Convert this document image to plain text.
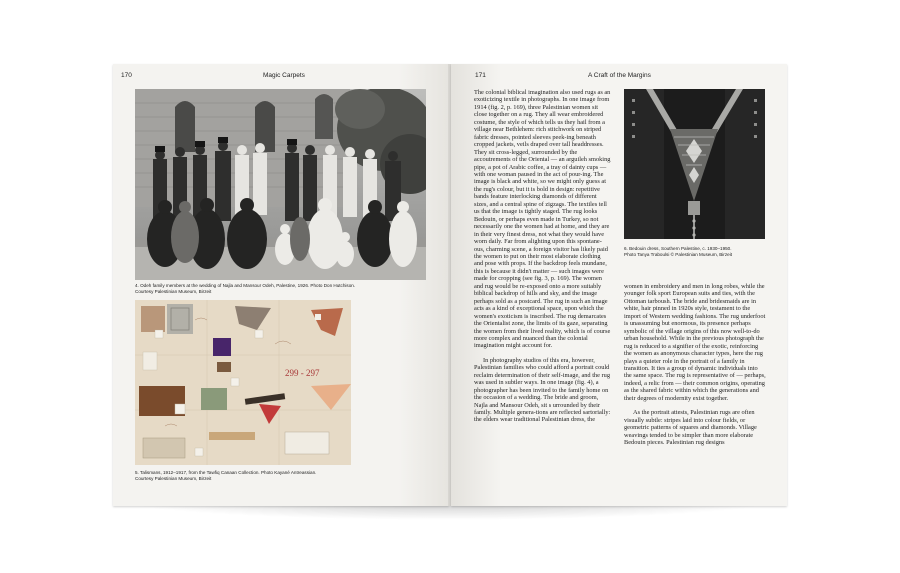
170	Magic Carpets
4. Odeh family members at the wedding of Najla and Mansour Odeh, Palestine, 1926. Photo Don Hutchison.
Courtesy Palestinian Museum, Birzeit
299 - 297
5. Talismans, 1912–1917, from the Tawfiq Canaan Collection. Photo Kayané Antreassian.
Courtesy Palestinian Museum, Birzeit
171	A Craft of the Margins

The colonial biblical imagination also used rugs as an exoticizing textile in photographs. In one image from 1914 (fig. 2, p. 169), three Palestinian women sit close together on a rug. They all wear embroidered costume, the style of which tells us they hail from a village near Bethlehem: rich stitchwork on striped fabric dresses, pointed sleeves peek-ing beneath cropped jackets, veils draped over tall headdresses. They sit cross-legged, surrounded by the accoutrements of the Oriental — an arguileh smoking pipe, a pot of Arabic coffee, a tray of dainty cups — with one woman paused in the act of pour-ing. The image is black and white, so we might only guess at the rug's colour, but it is bold in design: repetitive bands feature interlocking diamonds of different sizes, and a central spine of zigzags. The textiles tell us that the image is tightly staged. The rug looks Bedouin, or perhaps even made in Turkey, so not necessarily one the women had at home, and they are in their very finest dress, not what they would have worn daily. Far from alighting upon this spontane-ous, charming scene, a foreign visitor has likely paid the women to put on their most elaborate clothing and pose with props. If the backdrop feels mundane, this is because it didn't matter — such images were made for cropping (see fig. 3, p. 169). The women and rug would be re-exposed onto a more suitably biblical backdrop of hills and sky, and the image perhaps sold as a postcard. The rug in such an image acts as a kind of exceptional space, upon which the women's exoticism is inscribed. The rug demarcates the Orientalist zone, the limits of its gaze, separating the women from their lived reality, which is of course more complex and nuanced than the colonial imagination might account for.

In photography studios of this era, however, Palestinian families who could afford a portrait could reclaim determination of their self-image, and the rug was used in subtler ways. In one image (fig. 4), a photographer has been invited to the family home on the occasion of a wedding. The bride and groom, Najla and Mansour Odeh, sit s urrounded by their family. Multiple genera-tions are reflected sartorially: the elders wear traditional Palestinian dress, the

6. Bedouin dress, Southern Palestine, c. 1930–1950.
Photo Tanya Traboulsi © Palestinian Museum, Birzeit

women in embroidery and men in long robes, while the younger folk sport European suits and ties, with the Ottoman tarboush. The bride and bridesmaids are in white, hair pinned in 1920s style, testament to the import of Western wedding fashions. The rug underfoot is unassuming but enormous, its presence perhaps symbolic of the village origins of this now well-to-do urban household. While in the previous photograph the rug is reduced to a signifier of the exotic, reinforcing the women as anonymous character types, here the rug plays a quieter role in the portrait of a family in transition. It ties a group of dynamic individuals into the same space. The rug is representative of — perhaps, indeed, a relic from — their common origins, operating as the shared fabric within which the generations and their degrees of modernity exist together.

As the portrait attests, Palestinian rugs are often visually subtle: stripes laid into colour fields, or geometric patterns of squares and diamonds. Village weavings tended to be simpler than more elaborate Bedouin pieces. Palestinian rug designs
